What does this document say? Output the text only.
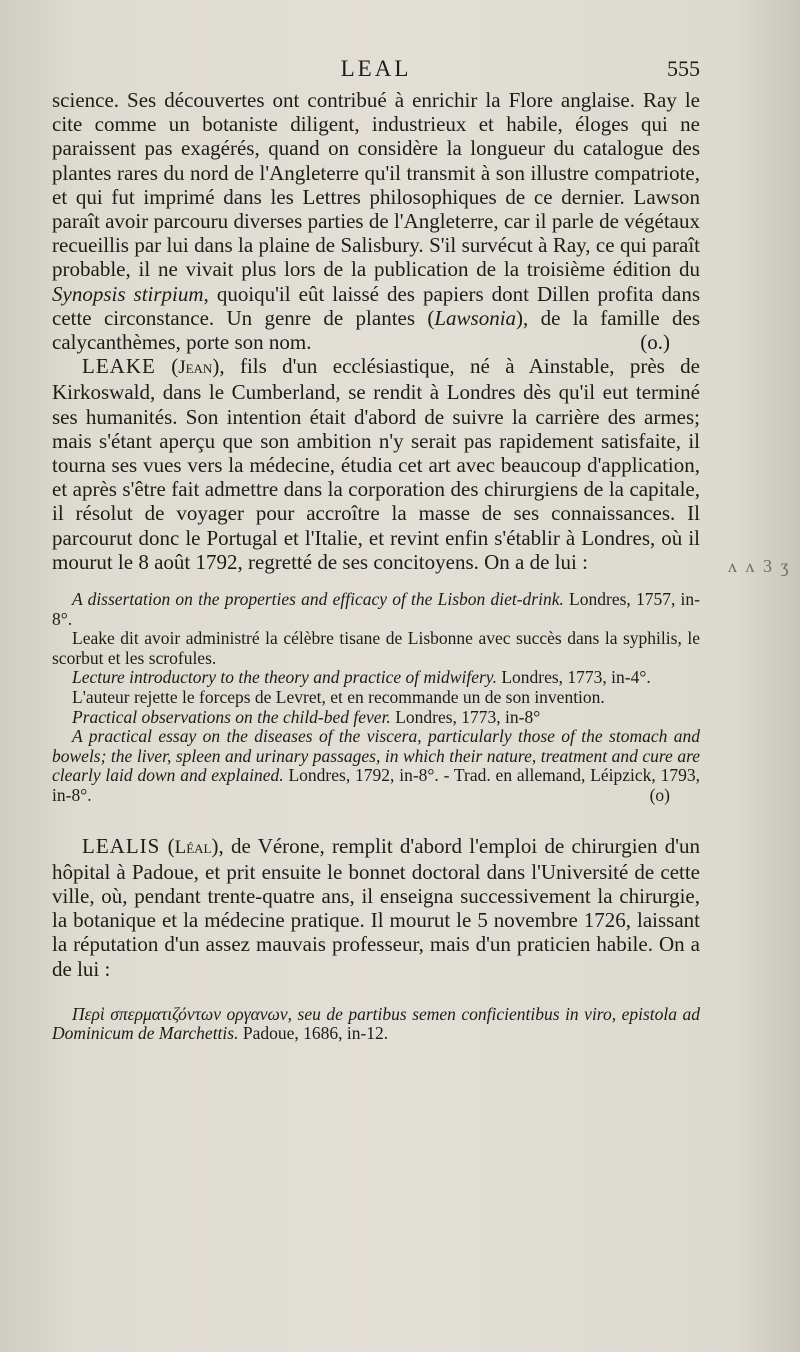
LEAL	555
ʌ ʌ 3 ʒ

science. Ses découvertes ont contribué à enrichir la Flore anglaise. Ray le cite comme un botaniste diligent, industrieux et habile, éloges qui ne paraissent pas exagérés, quand on considère la longueur du catalogue des plantes rares du nord de l'Angleterre qu'il transmit à son illustre compatriote, et qui fut imprimé dans les Lettres philosophiques de ce dernier. Lawson paraît avoir parcouru diverses parties de l'Angleterre, car il parle de végétaux recueillis par lui dans la plaine de Salisbury. S'il survécut à Ray, ce qui paraît probable, il ne vivait plus lors de la publication de la troisième édition du Synopsis stirpium, quoiqu'il eût laissé des papiers dont Dillen profita dans cette circonstance. Un genre de plantes (Lawsonia), de la famille des calycanthèmes, porte son nom.	(o.)

LEAKE (Jean), fils d'un ecclésiastique, né à Ainstable, près de Kirkoswald, dans le Cumberland, se rendit à Londres dès qu'il eut terminé ses humanités. Son intention était d'abord de suivre la carrière des armes; mais s'étant aperçu que son ambition n'y serait pas rapidement satisfaite, il tourna ses vues vers la médecine, étudia cet art avec beaucoup d'application, et après s'être fait admettre dans la corporation des chirurgiens de la capitale, il résolut de voyager pour accroître la masse de ses connaissances. Il parcourut donc le Portugal et l'Italie, et revint enfin s'établir à Londres, où il mourut le 8 août 1792, regretté de ses concitoyens. On a de lui :

A dissertation on the properties and efficacy of the Lisbon diet-drink. Londres, 1757, in-8°.

Leake dit avoir administré la célèbre tisane de Lisbonne avec succès dans la syphilis, le scorbut et les scrofules.

Lecture introductory to the theory and practice of midwifery. Londres, 1773, in-4°.

L'auteur rejette le forceps de Levret, et en recommande un de son invention.

Practical observations on the child-bed fever. Londres, 1773, in-8°

A practical essay on the diseases of the viscera, particularly those of the stomach and bowels; the liver, spleen and urinary passages, in which their nature, treatment and cure are clearly laid down and explained. Londres, 1792, in-8°. - Trad. en allemand, Léipzick, 1793, in-8°.	(o)

LEALIS (Léal), de Vérone, remplit d'abord l'emploi de chirurgien d'un hôpital à Padoue, et prit ensuite le bonnet doctoral dans l'Université de cette ville, où, pendant trente-quatre ans, il enseigna successivement la chirurgie, la botanique et la médecine pratique. Il mourut le 5 novembre 1726, laissant la réputation d'un assez mauvais professeur, mais d'un praticien habile. On a de lui :

Περὶ σπερματιζόντων οργανων, seu de partibus semen conficientibus in viro, epistola ad Dominicum de Marchettis. Padoue, 1686, in-12.
